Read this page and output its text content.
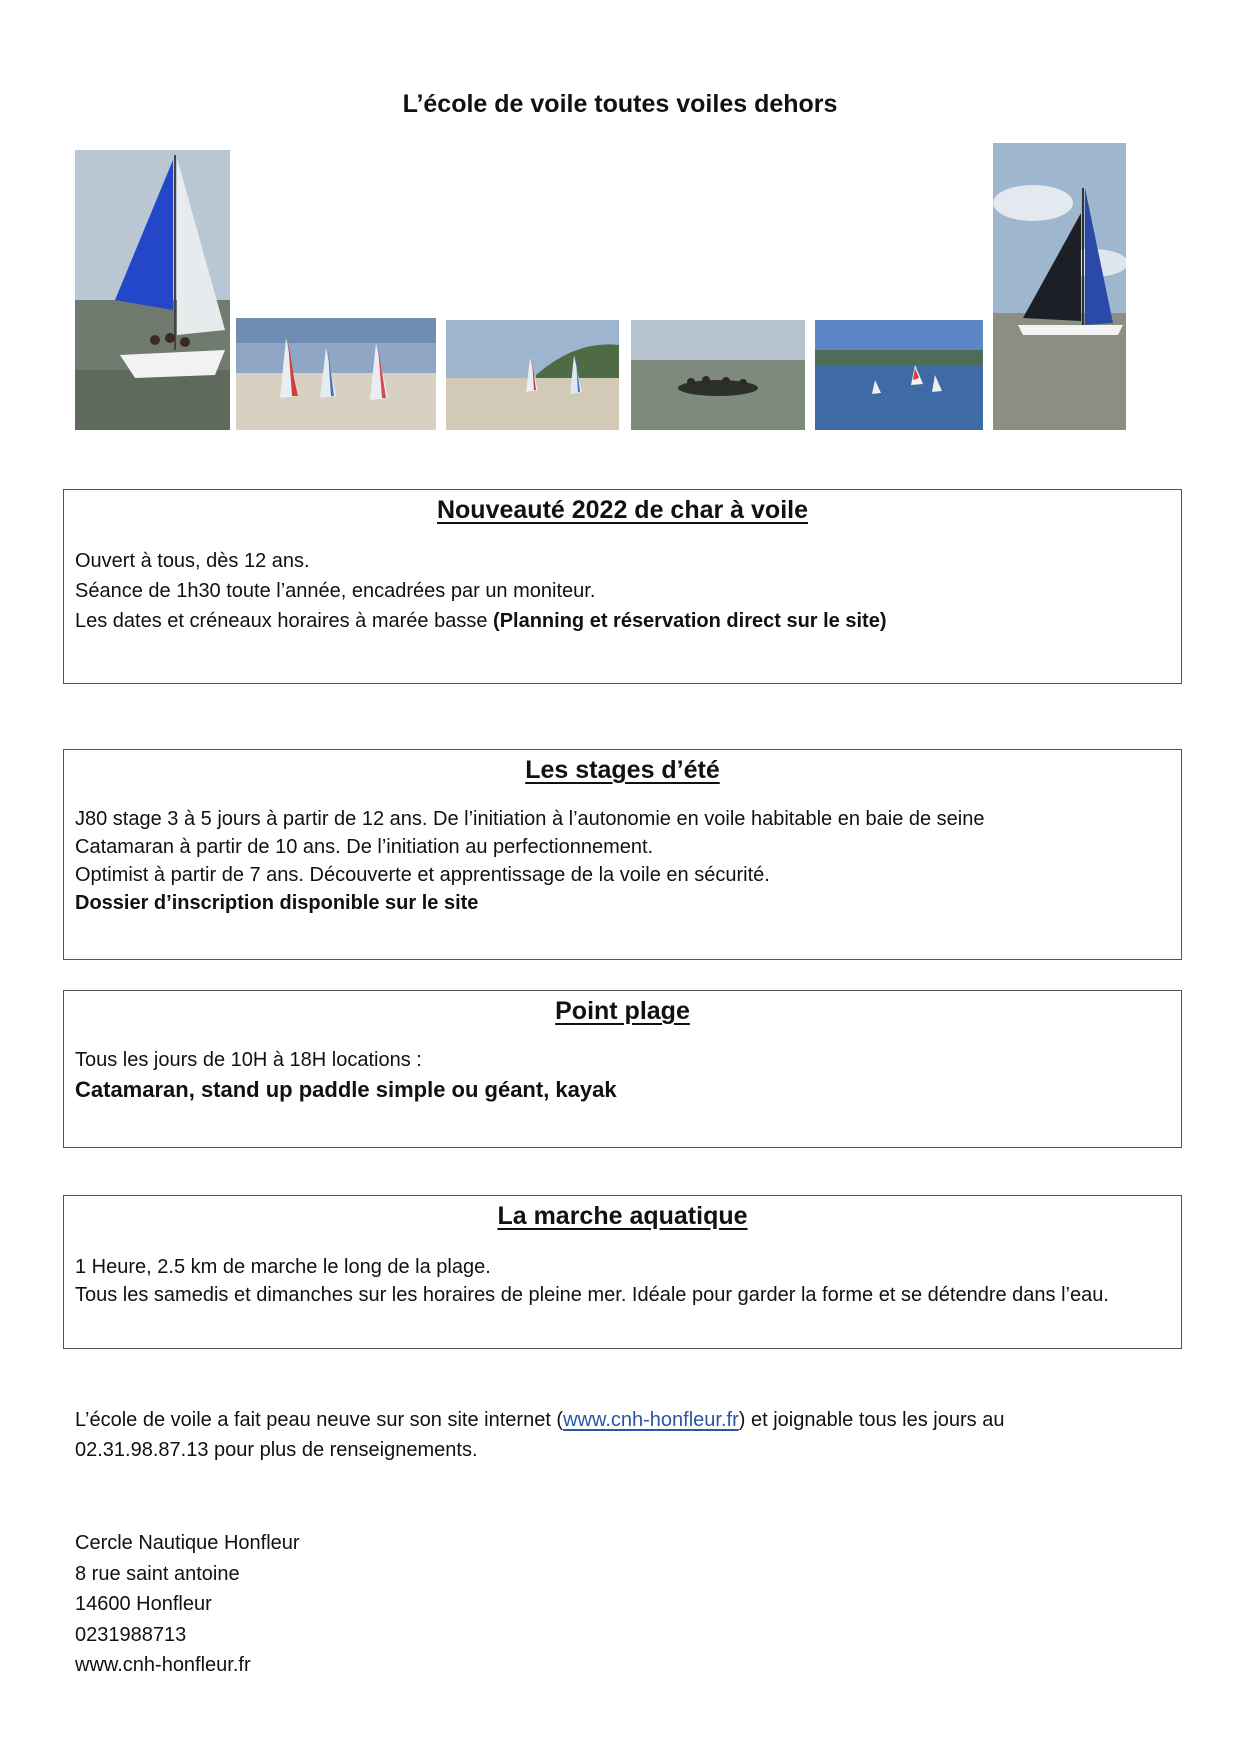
L’école de voile toutes voiles dehors
Nouveauté 2022 de char à voile
Ouvert à tous, dès 12 ans.
Séance de 1h30 toute l’année, encadrées par un moniteur.
Les dates et créneaux horaires à marée basse (Planning et réservation direct sur le site)
Les stages d’été
J80 stage 3 à 5 jours à partir de 12 ans. De l’initiation à l’autonomie en voile habitable en baie de seine
Catamaran à partir de 10 ans. De l’initiation au perfectionnement.
Optimist à partir de 7 ans. Découverte et apprentissage de la voile en sécurité.
Dossier d’inscription disponible sur le site
Point plage
Tous les jours de 10H à 18H locations :
Catamaran, stand up paddle simple ou géant, kayak
La marche aquatique
1 Heure, 2.5 km de marche le long de la plage.
Tous les samedis et dimanches sur les horaires de pleine mer. Idéale pour garder la forme et se détendre dans l’eau.
L’école de voile a fait peau neuve sur son site internet (www.cnh-honfleur.fr) et joignable tous les jours au
02.31.98.87.13 pour plus de renseignements.
Cercle Nautique Honfleur
8 rue saint antoine
14600 Honfleur
0231988713
www.cnh-honfleur.fr
